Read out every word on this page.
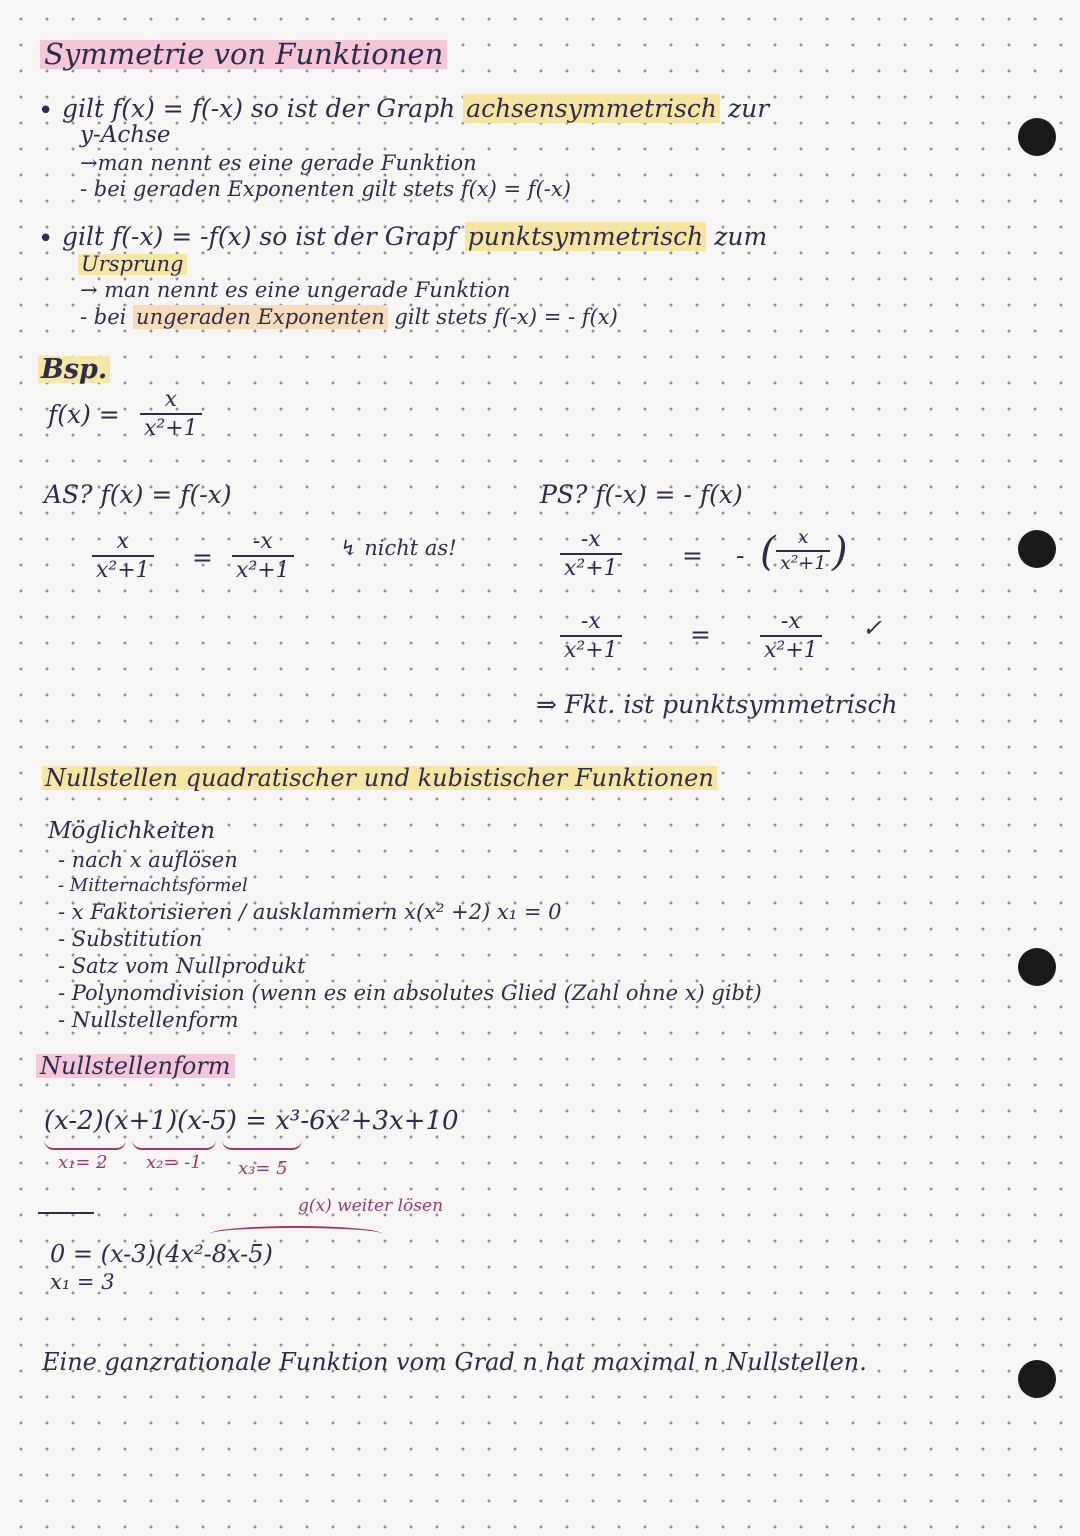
Symmetrie von Funktionen
• gilt f(x) = f(-x) so ist der Graph achsensymmetrisch zur
y-Achse
→man nennt es eine gerade Funktion
- bei geraden Exponenten gilt stets f(x) = f(-x)
• gilt f(-x) = -f(x) so ist der Grapf punktsymmetrisch zum
Ursprung
→ man nennt es eine ungerade Funktion
- bei ungeraden Exponenten gilt stets f(-x) = - f(x)
Bsp.
$f(x) = \frac{x}{\text{x²+1}}$
AS? f(x) = f(-x)
$\frac{x}{\text{x²+1}} = \frac{-x}{\text{x²+1}}$ ↯ nicht as!
PS? f(-x) = - f(x)
$\frac{-x}{\text{x²+1}}$ = - ( $\frac{x}{\text{x²+1}}$ )
$\frac{-x}{\text{x²+1}}$	= $\frac{-x}{\text{x²+1}}$ ✓
⇒ Fkt. ist punktsymmetrisch
Nullstellen quadratischer und kubistischer Funktionen
Möglichkeiten
- nach x auflösen
- Mitternachtsformel
- x Faktorisieren / ausklammern x(x² +2) x₁ = 0
- Substitution
- Satz vom Nullprodukt
- Polynomdivision (wenn es ein absolutes Glied (Zahl ohne x) gibt)
- Nullstellenform
Nullstellenform
(x-2)(x+1)(x-5) = x³-6x²+3x+10
x₁= 2 x₂= -1 x₃= 5
g(x) weiter lösen
0 = (x-3)(4x²-8x-5)
x₁ = 3
Eine ganzrationale Funktion vom Grad n hat maximal n Nullstellen.
